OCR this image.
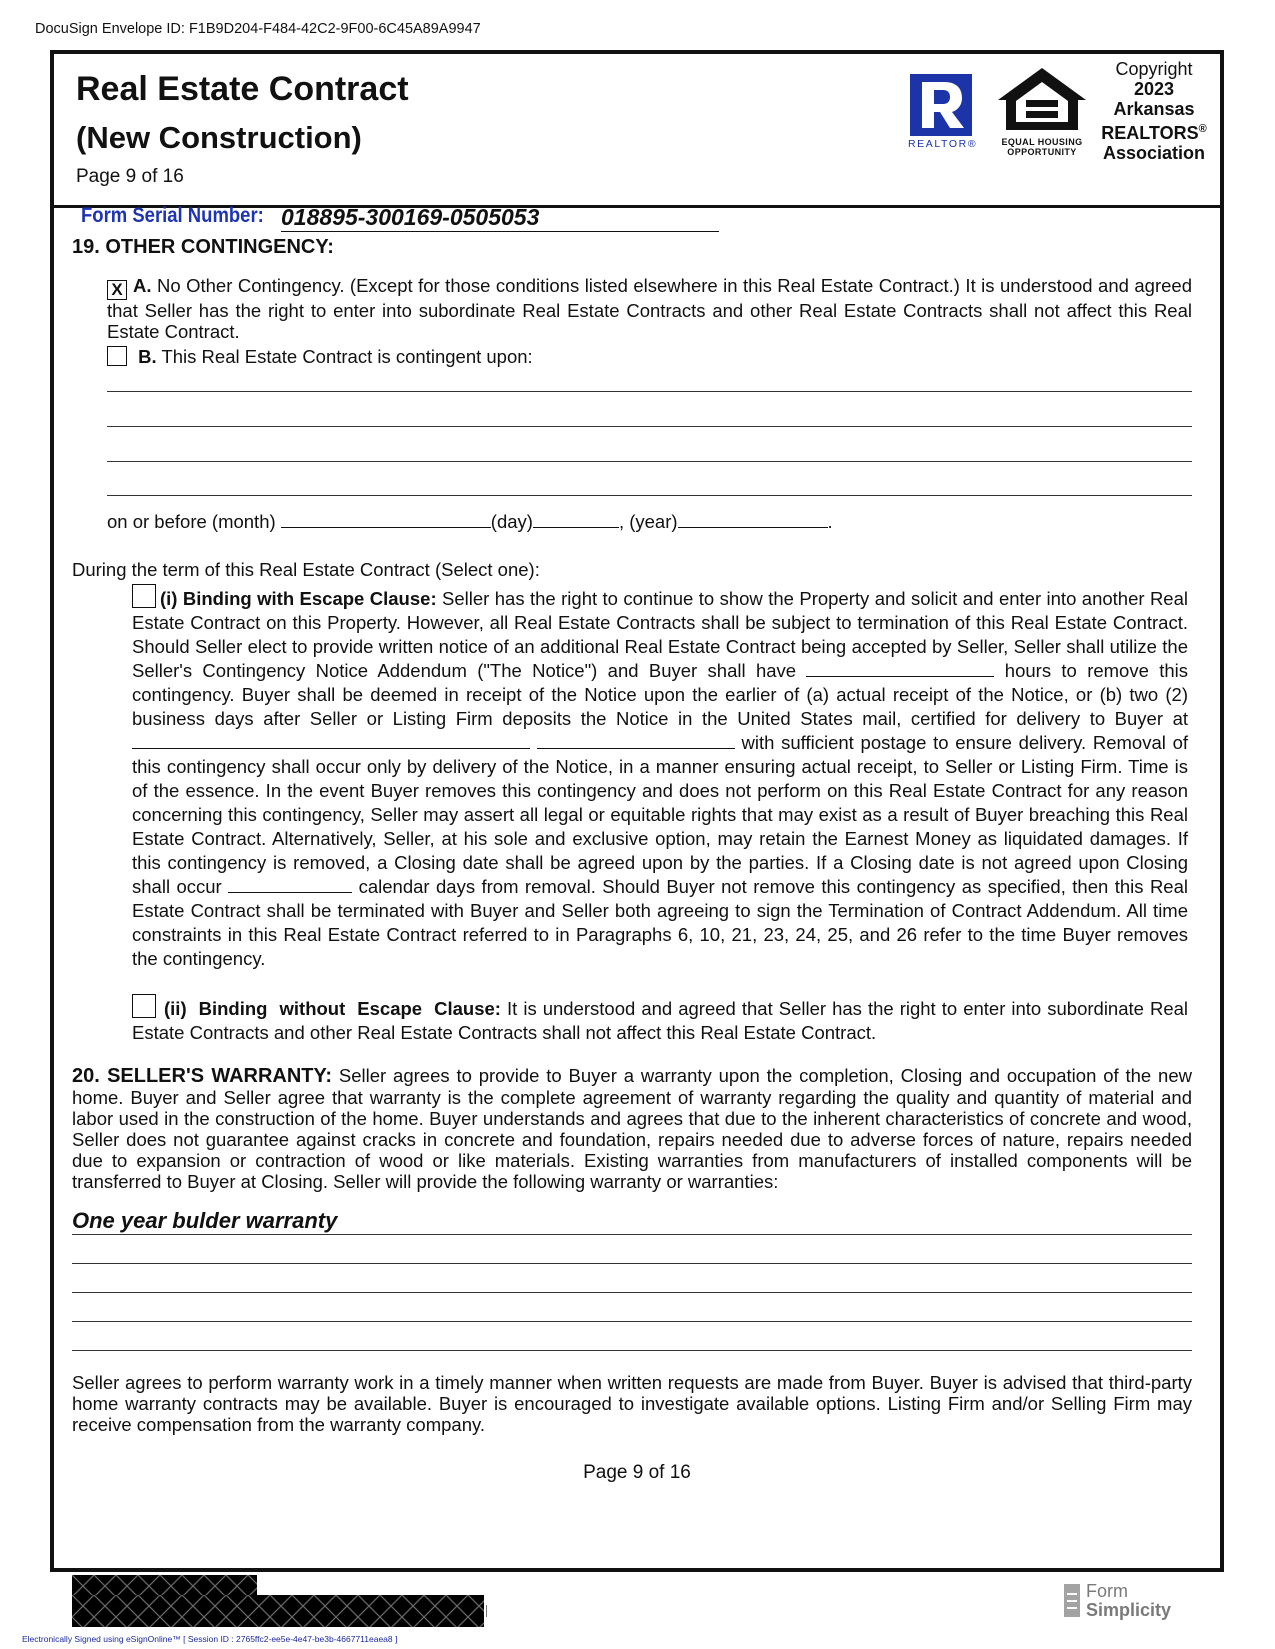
DocuSign Envelope ID: F1B9D204-F484-42C2-9F00-6C45A89A9947
Real Estate Contract
(New Construction)
Page 9 of 16
REALTOR®	EQUAL HOUSING
OPPORTUNITY
Copyright
2023
Arkansas
REALTORS®
Association
Form Serial Number: 018895-300169-0505053
19. OTHER CONTINGENCY:
X A. No Other Contingency. (Except for those conditions listed elsewhere in this Real Estate Contract.) It is understood and agreed that Seller has the right to enter into subordinate Real Estate Contracts and other Real Estate Contracts shall not affect this Real Estate Contract.
B. This Real Estate Contract is contingent upon:
on or before (month)	(day)	, (year)	.
During the term of this Real Estate Contract (Select one):
(i) Binding with Escape Clause: Seller has the right to continue to show the Property and solicit and enter into another Real Estate Contract on this Property. However, all Real Estate Contracts shall be subject to termination of this Real Estate Contract. Should Seller elect to provide written notice of an additional Real Estate Contract being accepted by Seller, Seller shall utilize the Seller's Contingency Notice Addendum ("The Notice") and Buyer shall have	hours to remove this contingency. Buyer shall be deemed in receipt of the Notice upon the earlier of (a) actual receipt of the Notice, or (b) two (2) business days after Seller or Listing Firm deposits the Notice in the United States mail, certified for delivery to Buyer at   with sufficient postage to ensure delivery. Removal of this contingency shall occur only by delivery of the Notice, in a manner ensuring actual receipt, to Seller or Listing Firm. Time is of the essence. In the event Buyer removes this contingency and does not perform on this Real Estate Contract for any reason concerning this contingency, Seller may assert all legal or equitable rights that may exist as a result of Buyer breaching this Real Estate Contract. Alternatively, Seller, at his sole and exclusive option, may retain the Earnest Money as liquidated damages. If this contingency is removed, a Closing date shall be agreed upon by the parties. If a Closing date is not agreed upon Closing shall occur	calendar days from removal. Should Buyer not remove this contingency as specified, then this Real Estate Contract shall be terminated with Buyer and Seller both agreeing to sign the Termination of Contract Addendum. All time constraints in this Real Estate Contract referred to in Paragraphs 6, 10, 21, 23, 24, 25, and 26 refer to the time Buyer removes the contingency.
(ii) Binding without Escape Clause: It is understood and agreed that Seller has the right to enter into subordinate Real Estate Contracts and other Real Estate Contracts shall not affect this Real Estate Contract.
20. SELLER'S WARRANTY: Seller agrees to provide to Buyer a warranty upon the completion, Closing and occupation of the new home. Buyer and Seller agree that warranty is the complete agreement of warranty regarding the quality and quantity of material and labor used in the construction of the home. Buyer understands and agrees that due to the inherent characteristics of concrete and wood, Seller does not guarantee against cracks in concrete and foundation, repairs needed due to adverse forces of nature, repairs needed due to expansion or contraction of wood or like materials. Existing warranties from manufacturers of installed components will be transferred to Buyer at Closing. Seller will provide the following warranty or warranties:
One year bulder warranty
Seller agrees to perform warranty work in a timely manner when written requests are made from Buyer. Buyer is advised that third-party home warranty contracts may be available. Buyer is encouraged to investigate available options. Listing Firm and/or Selling Firm may receive compensation from the warranty company.
Page 9 of 16
Form
Simplicity
Electronically Signed using eSignOnline™ [ Session ID : 2765ffc2-ee5e-4e47-be3b-4667711eaea8 ]
